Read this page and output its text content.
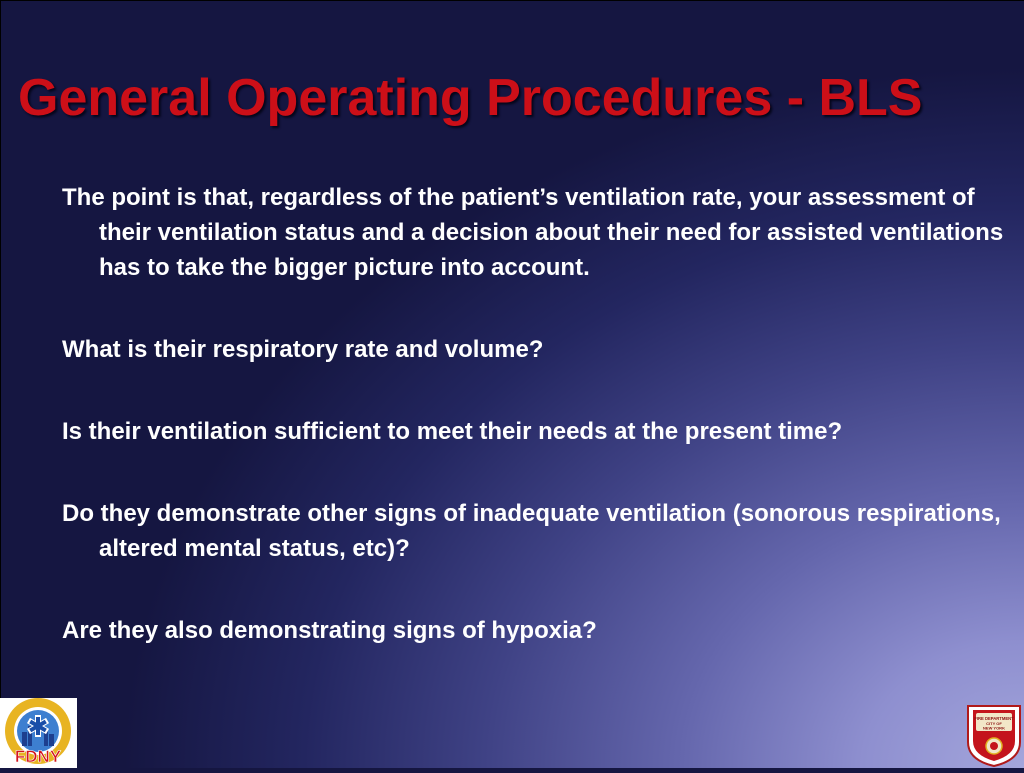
General Operating Procedures - BLS

The point is that, regardless of the patient’s ventilation rate, your assessment of their ventilation status and a decision about their need for assisted ventilations has to take the bigger picture into account.

What is their respiratory rate and volume?

Is their ventilation sufficient to meet their needs at the present time?

Do they demonstrate other signs of inadequate ventilation (sonorous respirations, altered mental status, etc)?

Are they also demonstrating signs of hypoxia?

FDNY
FIRE DEPARTMENT
CITY OF
NEW YORK
